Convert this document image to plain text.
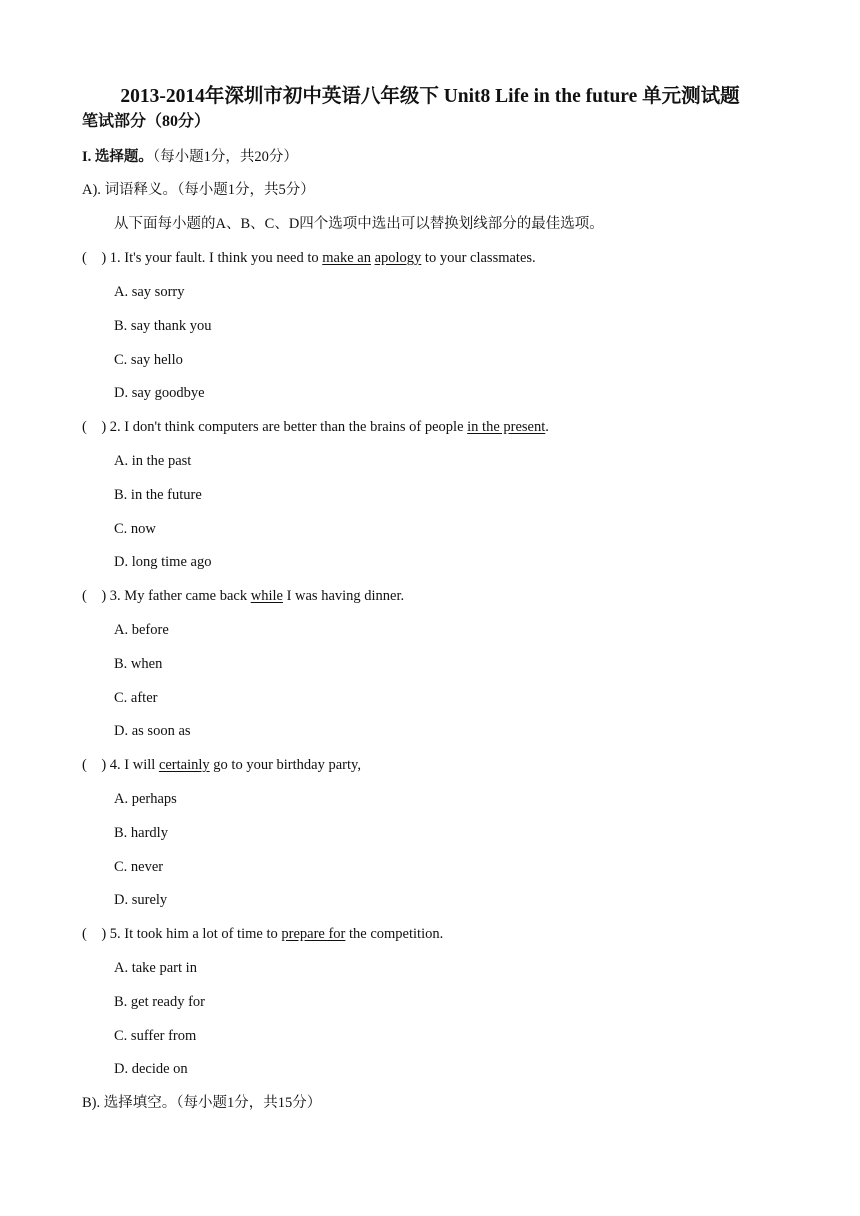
2013-2014年深圳市初中英语八年级下 Unit8 Life in the future 单元测试题
笔试部分（80分）
I. 选择题。（每小题1分，共20分）
A). 词语释义。（每小题1分，共5分）
从下面每小题的A、B、C、D四个选项中选出可以替换划线部分的最佳选项。
(    ) 1. It's your fault. I think you need to make an apology to your classmates.
A. say sorry
B. say thank you
C. say hello
D. say goodbye
(    ) 2. I don't think computers are better than the brains of people in the present.
A. in the past
B. in the future
C. now
D. long time ago
(    ) 3. My father came back while I was having dinner.
A. before
B. when
C. after
D. as soon as
(    ) 4. I will certainly go to your birthday party,
A. perhaps
B. hardly
C. never
D. surely
(    ) 5. It took him a lot of time to prepare for the competition.
A. take part in
B. get ready for
C. suffer from
D. decide on
B). 选择填空。（每小题1分，共15分）
